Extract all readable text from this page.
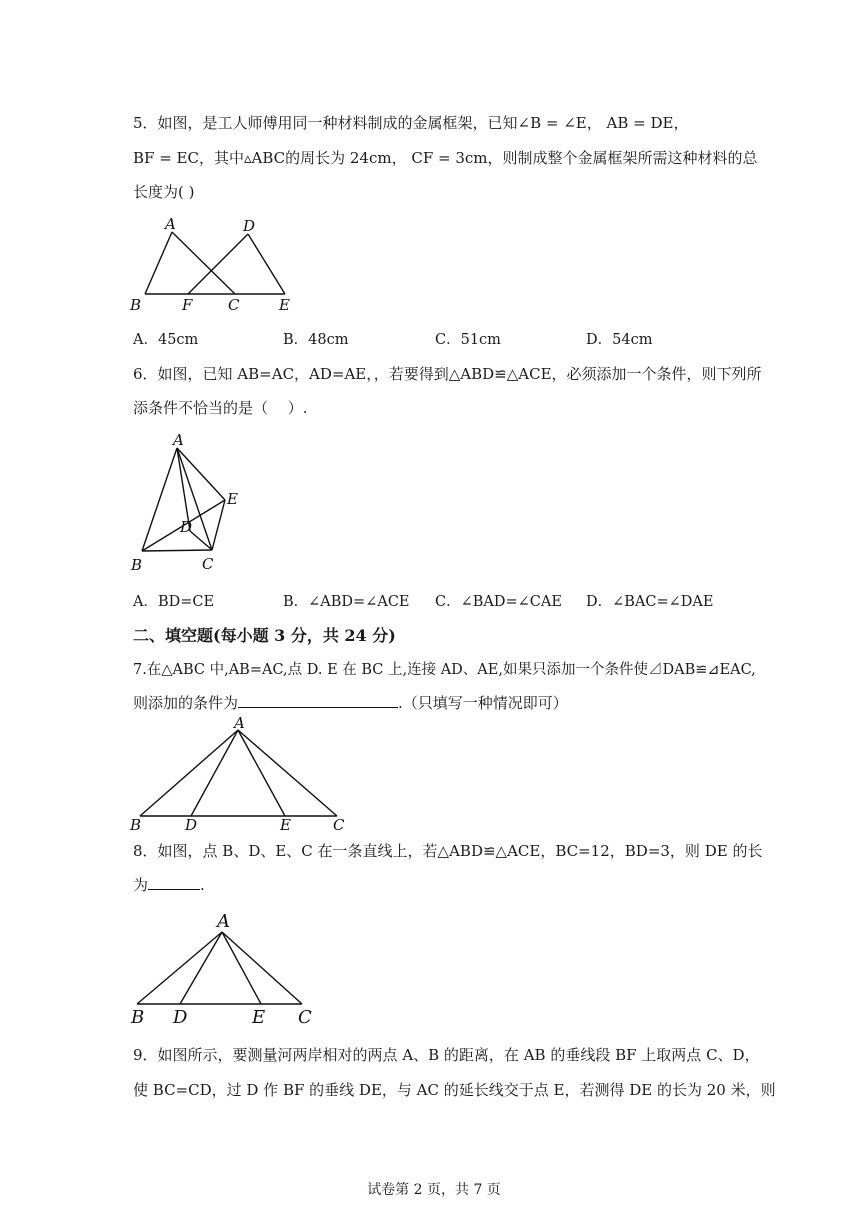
5．如图，是工人师傅用同一种材料制成的金属框架，已知∠B = ∠E， AB = DE，
BF = EC，其中▵ABC的周长为 24cm， CF = 3cm，则制成整个金属框架所需这种材料的总
长度为( )
A	D
B	F C	E
A．45cm	B．48cm	C．51cm	D．54cm
6．如图，已知 AB=AC，AD=AE，，若要得到△ABD≌△ACE，必须添加一个条件，则下列所
添条件不恰当的是（　 ）.
A
E
D
B	C
A．BD=CE	B．∠ABD=∠ACE C．∠BAD=∠CAE D．∠BAC=∠DAE
二、填空题(每小题 3 分，共 24 分)
7.在△ABC 中,AB=AC,点 D. E 在 BC 上,连接 AD、AE,如果只添加一个条件使⊿DAB≌⊿EAC,
则添加的条件为	.（只填写一种情况即可）
A
B	D	E	C
8．如图，点 B、D、E、C 在一条直线上，若△ABD≌△ACE，BC=12，BD=3，则 DE 的长
为	.
A
B D	E C
9．如图所示，要测量河两岸相对的两点 A、B 的距离，在 AB 的垂线段 BF 上取两点 C、D，
使 BC=CD，过 D 作 BF 的垂线 DE，与 AC 的延长线交于点 E，若测得 DE 的长为 20 米，则
试卷第 2 页，共 7 页
